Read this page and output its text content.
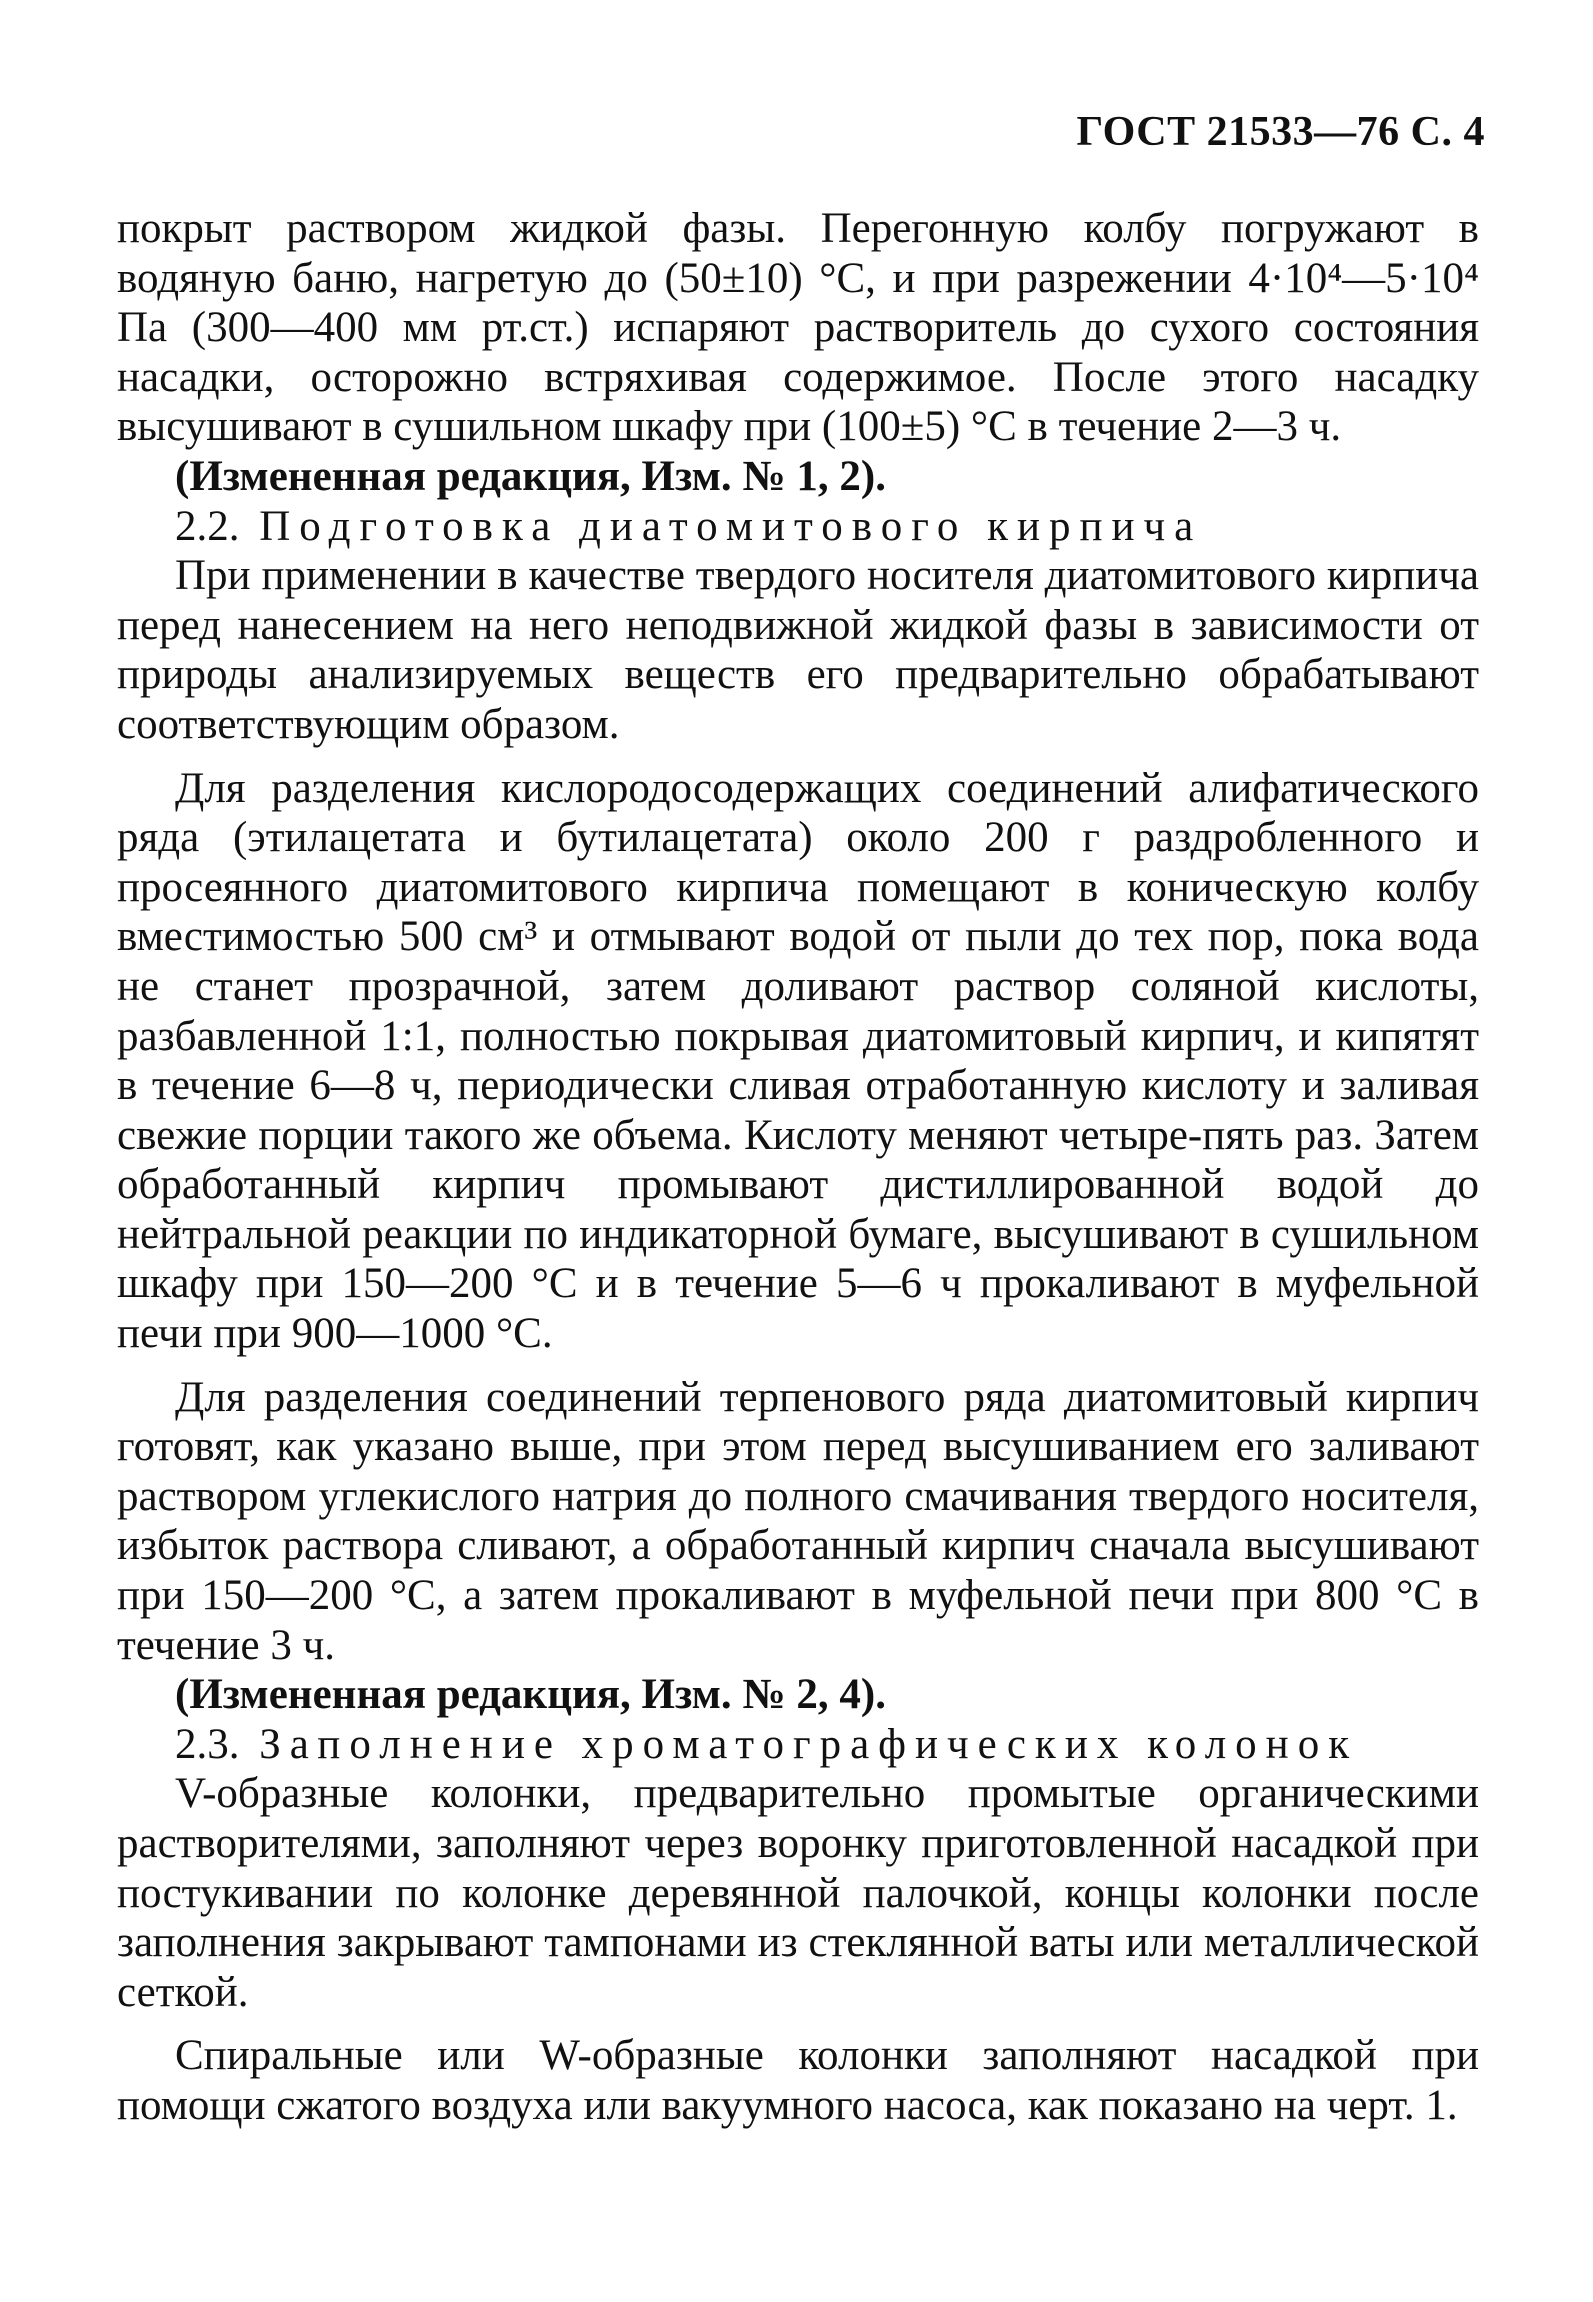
ГОСТ 21533—76 С. 4

покрыт раствором жидкой фазы. Перегонную колбу погружают в водяную баню, нагретую до (50±10) °С, и при разрежении 4·10⁴—5·10⁴ Па (300—400 мм рт.ст.) испаряют растворитель до сухого состояния насадки, осторожно встряхивая содержимое. После этого насадку высушивают в сушильном шкафу при (100±5) °С в течение 2—3 ч.

(Измененная редакция, Изм. № 1, 2).

2.2. Подготовка диатомитового кирпича

При применении в качестве твердого носителя диатомитового кирпича перед нанесением на него неподвижной жидкой фазы в зависимости от природы анализируемых веществ его предварительно обрабатывают соответствующим образом.

Для разделения кислородосодержащих соединений алифатического ряда (этилацетата и бутилацетата) около 200 г раздробленного и просеянного диатомитового кирпича помещают в коническую колбу вместимостью 500 см³ и отмывают водой от пыли до тех пор, пока вода не станет прозрачной, затем доливают раствор соляной кислоты, разбавленной 1:1, полностью покрывая диатомитовый кирпич, и кипятят в течение 6—8 ч, периодически сливая отработанную кислоту и заливая свежие порции такого же объема. Кислоту меняют четыре-пять раз. Затем обработанный кирпич промывают дистиллированной водой до нейтральной реакции по индикаторной бумаге, высушивают в сушильном шкафу при 150—200 °С и в течение 5—6 ч прокаливают в муфельной печи при 900—1000 °С.

Для разделения соединений терпенового ряда диатомитовый кирпич готовят, как указано выше, при этом перед высушиванием его заливают раствором углекислого натрия до полного смачивания твердого носителя, избыток раствора сливают, а обработанный кирпич сначала высушивают при 150—200 °С, а затем прокаливают в муфельной печи при 800 °С в течение 3 ч.

(Измененная редакция, Изм. № 2, 4).

2.3. Заполнение хроматографических колонок

V-образные колонки, предварительно промытые органическими растворителями, заполняют через воронку приготовленной насадкой при постукивании по колонке деревянной палочкой, концы колонки после заполнения закрывают тампонами из стеклянной ваты или металлической сеткой.

Спиральные или W-образные колонки заполняют насадкой при помощи сжатого воздуха или вакуумного насоса, как показано на черт. 1.
